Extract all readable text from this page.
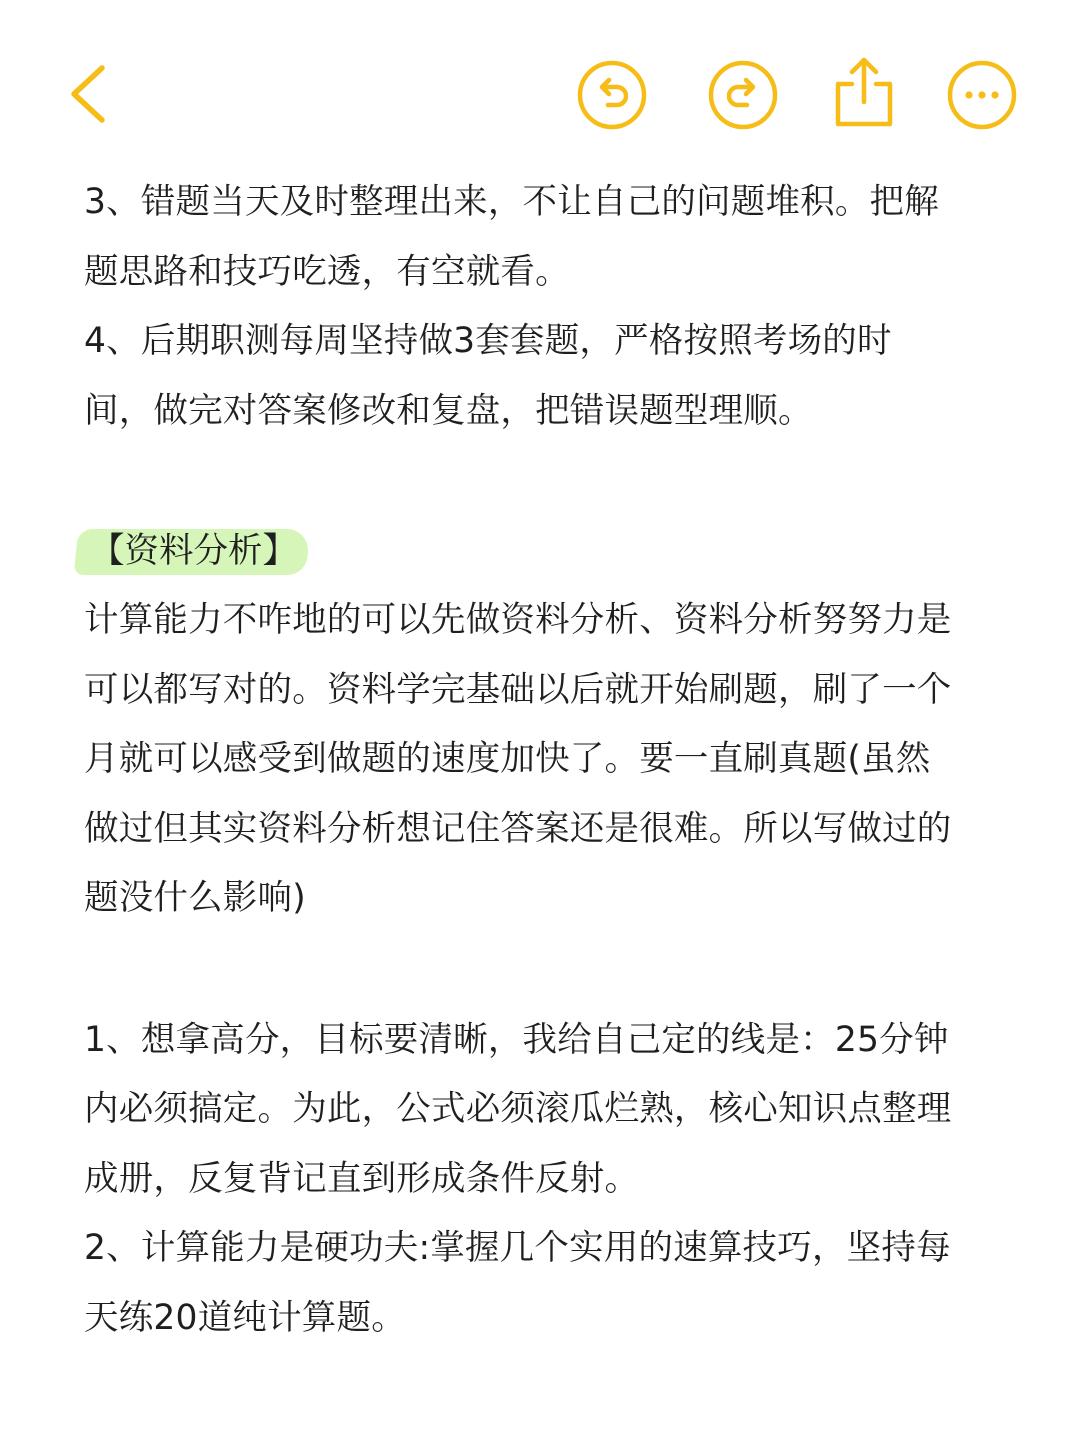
3、错题当天及时整理出来，不让自己的问题堆积。把解
题思路和技巧吃透，有空就看。
4、后期职测每周坚持做3套套题，严格按照考场的时
间，做完对答案修改和复盘，把错误题型理顺。
【资料分析】
计算能力不咋地的可以先做资料分析、资料分析努努力是
可以都写对的。资料学完基础以后就开始刷题，刷了一个
月就可以感受到做题的速度加快了。要一直刷真题(虽然
做过但其实资料分析想记住答案还是很难。所以写做过的
题没什么影响)
1、想拿高分，目标要清晰，我给自己定的线是：25分钟
内必须搞定。为此，公式必须滚瓜烂熟，核心知识点整理
成册，反复背记直到形成条件反射。
2、计算能力是硬功夫:掌握几个实用的速算技巧，坚持每
天练20道纯计算题。
